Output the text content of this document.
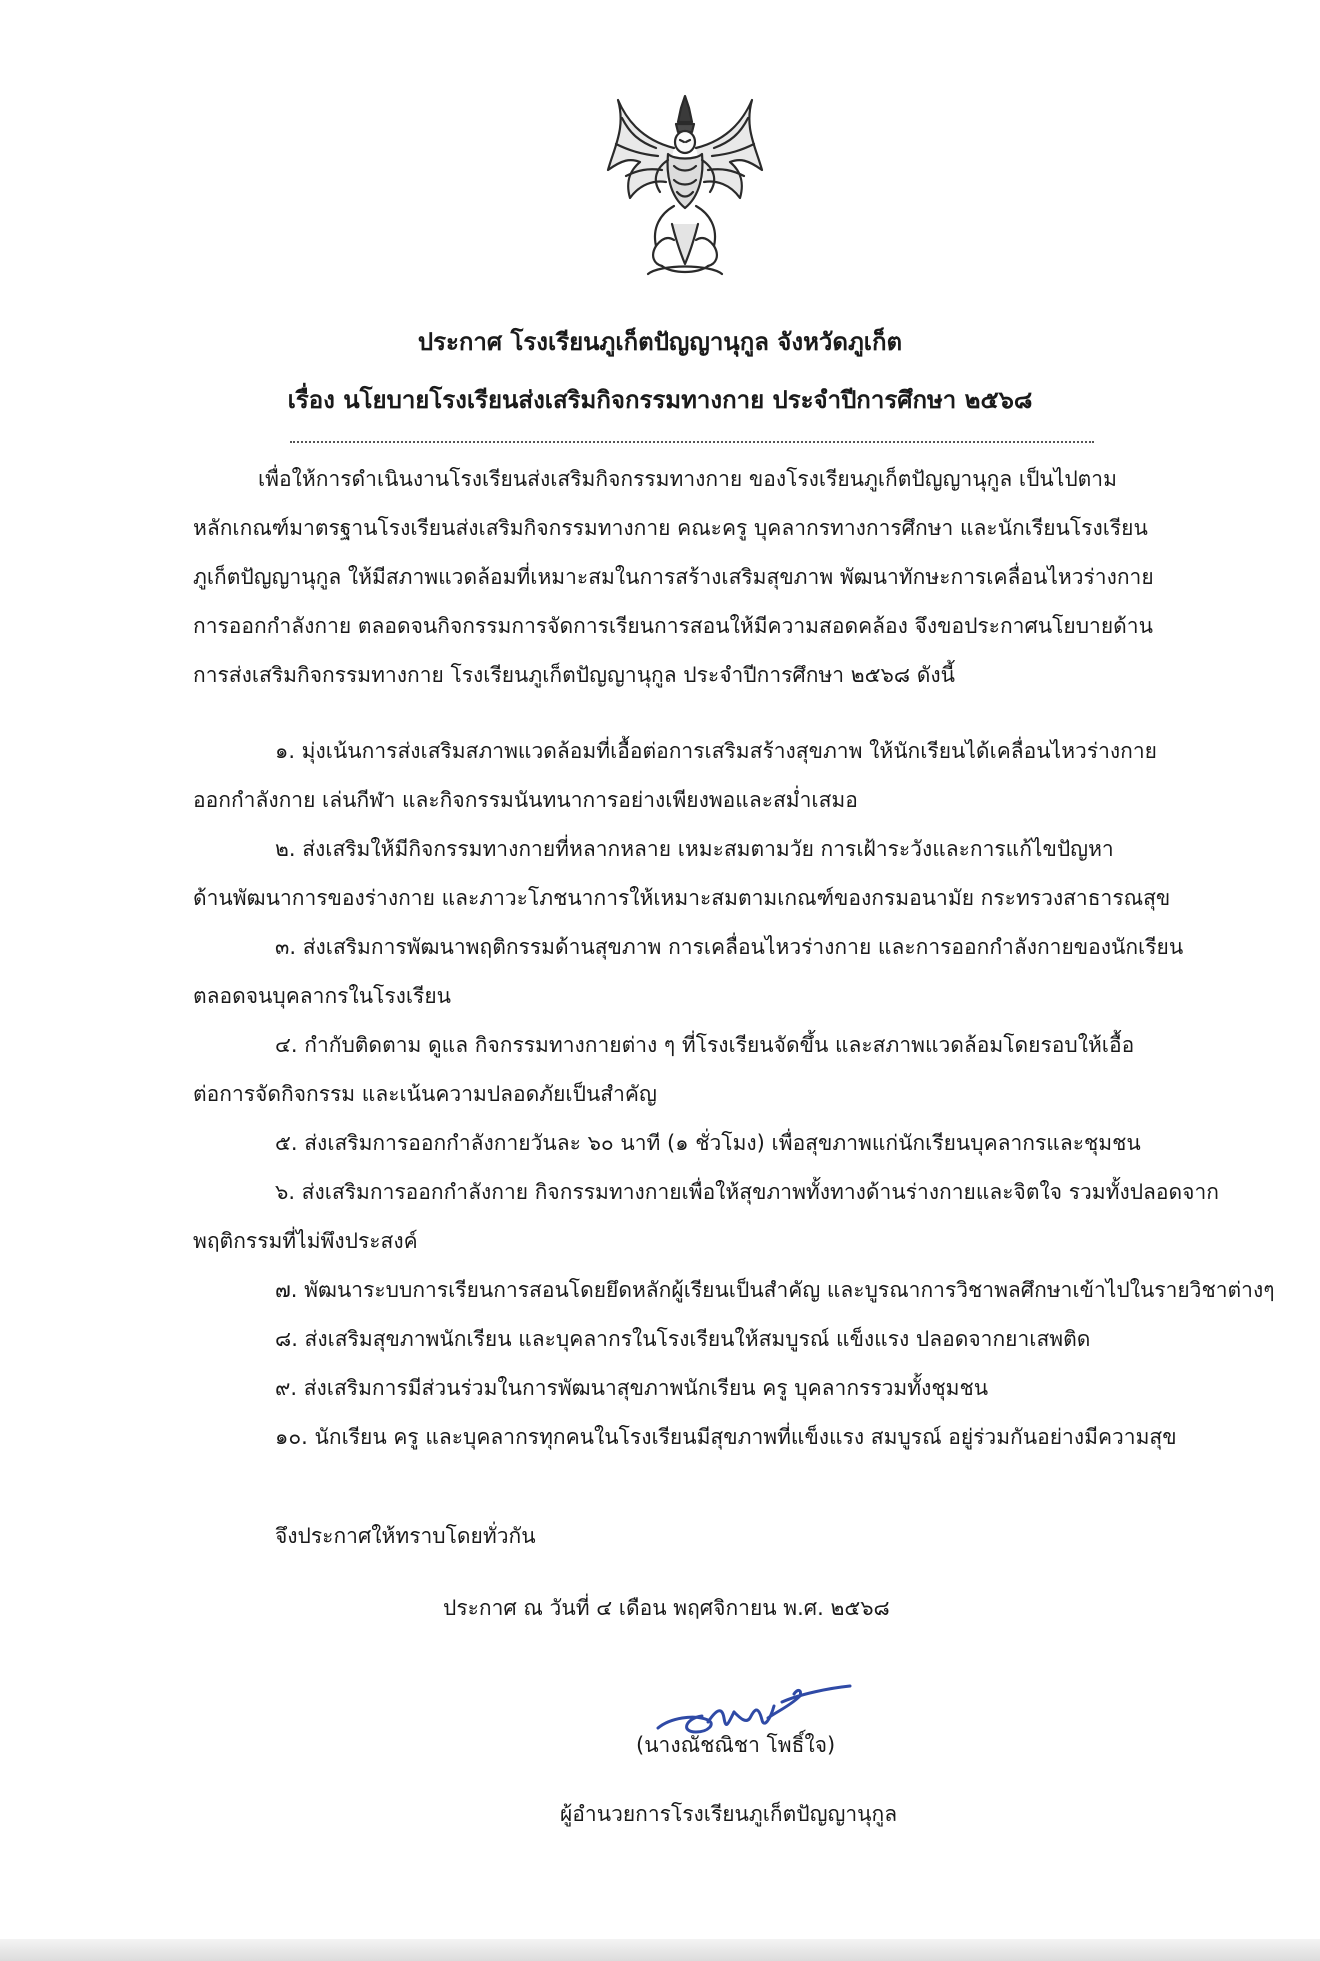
ประกาศ โรงเรียนภูเก็ตปัญญานุกูล จังหวัดภูเก็ต
เรื่อง นโยบายโรงเรียนส่งเสริมกิจกรรมทางกาย ประจำปีการศึกษา ๒๕๖๘
เพื่อให้การดำเนินงานโรงเรียนส่งเสริมกิจกรรมทางกาย ของโรงเรียนภูเก็ตปัญญานุกูล เป็นไปตาม
หลักเกณฑ์มาตรฐานโรงเรียนส่งเสริมกิจกรรมทางกาย คณะครู บุคลากรทางการศึกษา และนักเรียนโรงเรียน
ภูเก็ตปัญญานุกูล ให้มีสภาพแวดล้อมที่เหมาะสมในการสร้างเสริมสุขภาพ พัฒนาทักษะการเคลื่อนไหวร่างกาย
การออกกำลังกาย ตลอดจนกิจกรรมการจัดการเรียนการสอนให้มีความสอดคล้อง จึงขอประกาศนโยบายด้าน
การส่งเสริมกิจกรรมทางกาย โรงเรียนภูเก็ตปัญญานุกูล ประจำปีการศึกษา ๒๕๖๘ ดังนี้
๑. มุ่งเน้นการส่งเสริมสภาพแวดล้อมที่เอื้อต่อการเสริมสร้างสุขภาพ ให้นักเรียนได้เคลื่อนไหวร่างกาย
ออกกำลังกาย เล่นกีฬา และกิจกรรมนันทนาการอย่างเพียงพอและสม่ำเสมอ
๒. ส่งเสริมให้มีกิจกรรมทางกายที่หลากหลาย เหมะสมตามวัย การเฝ้าระวังและการแก้ไขปัญหา
ด้านพัฒนาการของร่างกาย และภาวะโภชนาการให้เหมาะสมตามเกณฑ์ของกรมอนามัย กระทรวงสาธารณสุข
๓. ส่งเสริมการพัฒนาพฤติกรรมด้านสุขภาพ การเคลื่อนไหวร่างกาย และการออกกำลังกายของนักเรียน
ตลอดจนบุคลากรในโรงเรียน
๔. กำกับติดตาม ดูแล กิจกรรมทางกายต่าง ๆ ที่โรงเรียนจัดขึ้น และสภาพแวดล้อมโดยรอบให้เอื้อ
ต่อการจัดกิจกรรม และเน้นความปลอดภัยเป็นสำคัญ
๕. ส่งเสริมการออกกำลังกายวันละ ๖๐ นาที (๑ ชั่วโมง) เพื่อสุขภาพแก่นักเรียนบุคลากรและชุมชน
๖. ส่งเสริมการออกกำลังกาย กิจกรรมทางกายเพื่อให้สุขภาพทั้งทางด้านร่างกายและจิตใจ รวมทั้งปลอดจาก
พฤติกรรมที่ไม่พึงประสงค์
๗. พัฒนาระบบการเรียนการสอนโดยยึดหลักผู้เรียนเป็นสำคัญ และบูรณาการวิชาพลศึกษาเข้าไปในรายวิชาต่างๆ
๘. ส่งเสริมสุขภาพนักเรียน และบุคลากรในโรงเรียนให้สมบูรณ์ แข็งแรง ปลอดจากยาเสพติด
๙. ส่งเสริมการมีส่วนร่วมในการพัฒนาสุขภาพนักเรียน ครู บุคลากรรวมทั้งชุมชน
๑๐. นักเรียน ครู และบุคลากรทุกคนในโรงเรียนมีสุขภาพที่แข็งแรง สมบูรณ์ อยู่ร่วมกันอย่างมีความสุข
จึงประกาศให้ทราบโดยทั่วกัน
ประกาศ ณ วันที่ ๔ เดือน พฤศจิกายน พ.ศ. ๒๕๖๘
(นางณัชณิชา โพธิ์ใจ)
ผู้อำนวยการโรงเรียนภูเก็ตปัญญานุกูล
